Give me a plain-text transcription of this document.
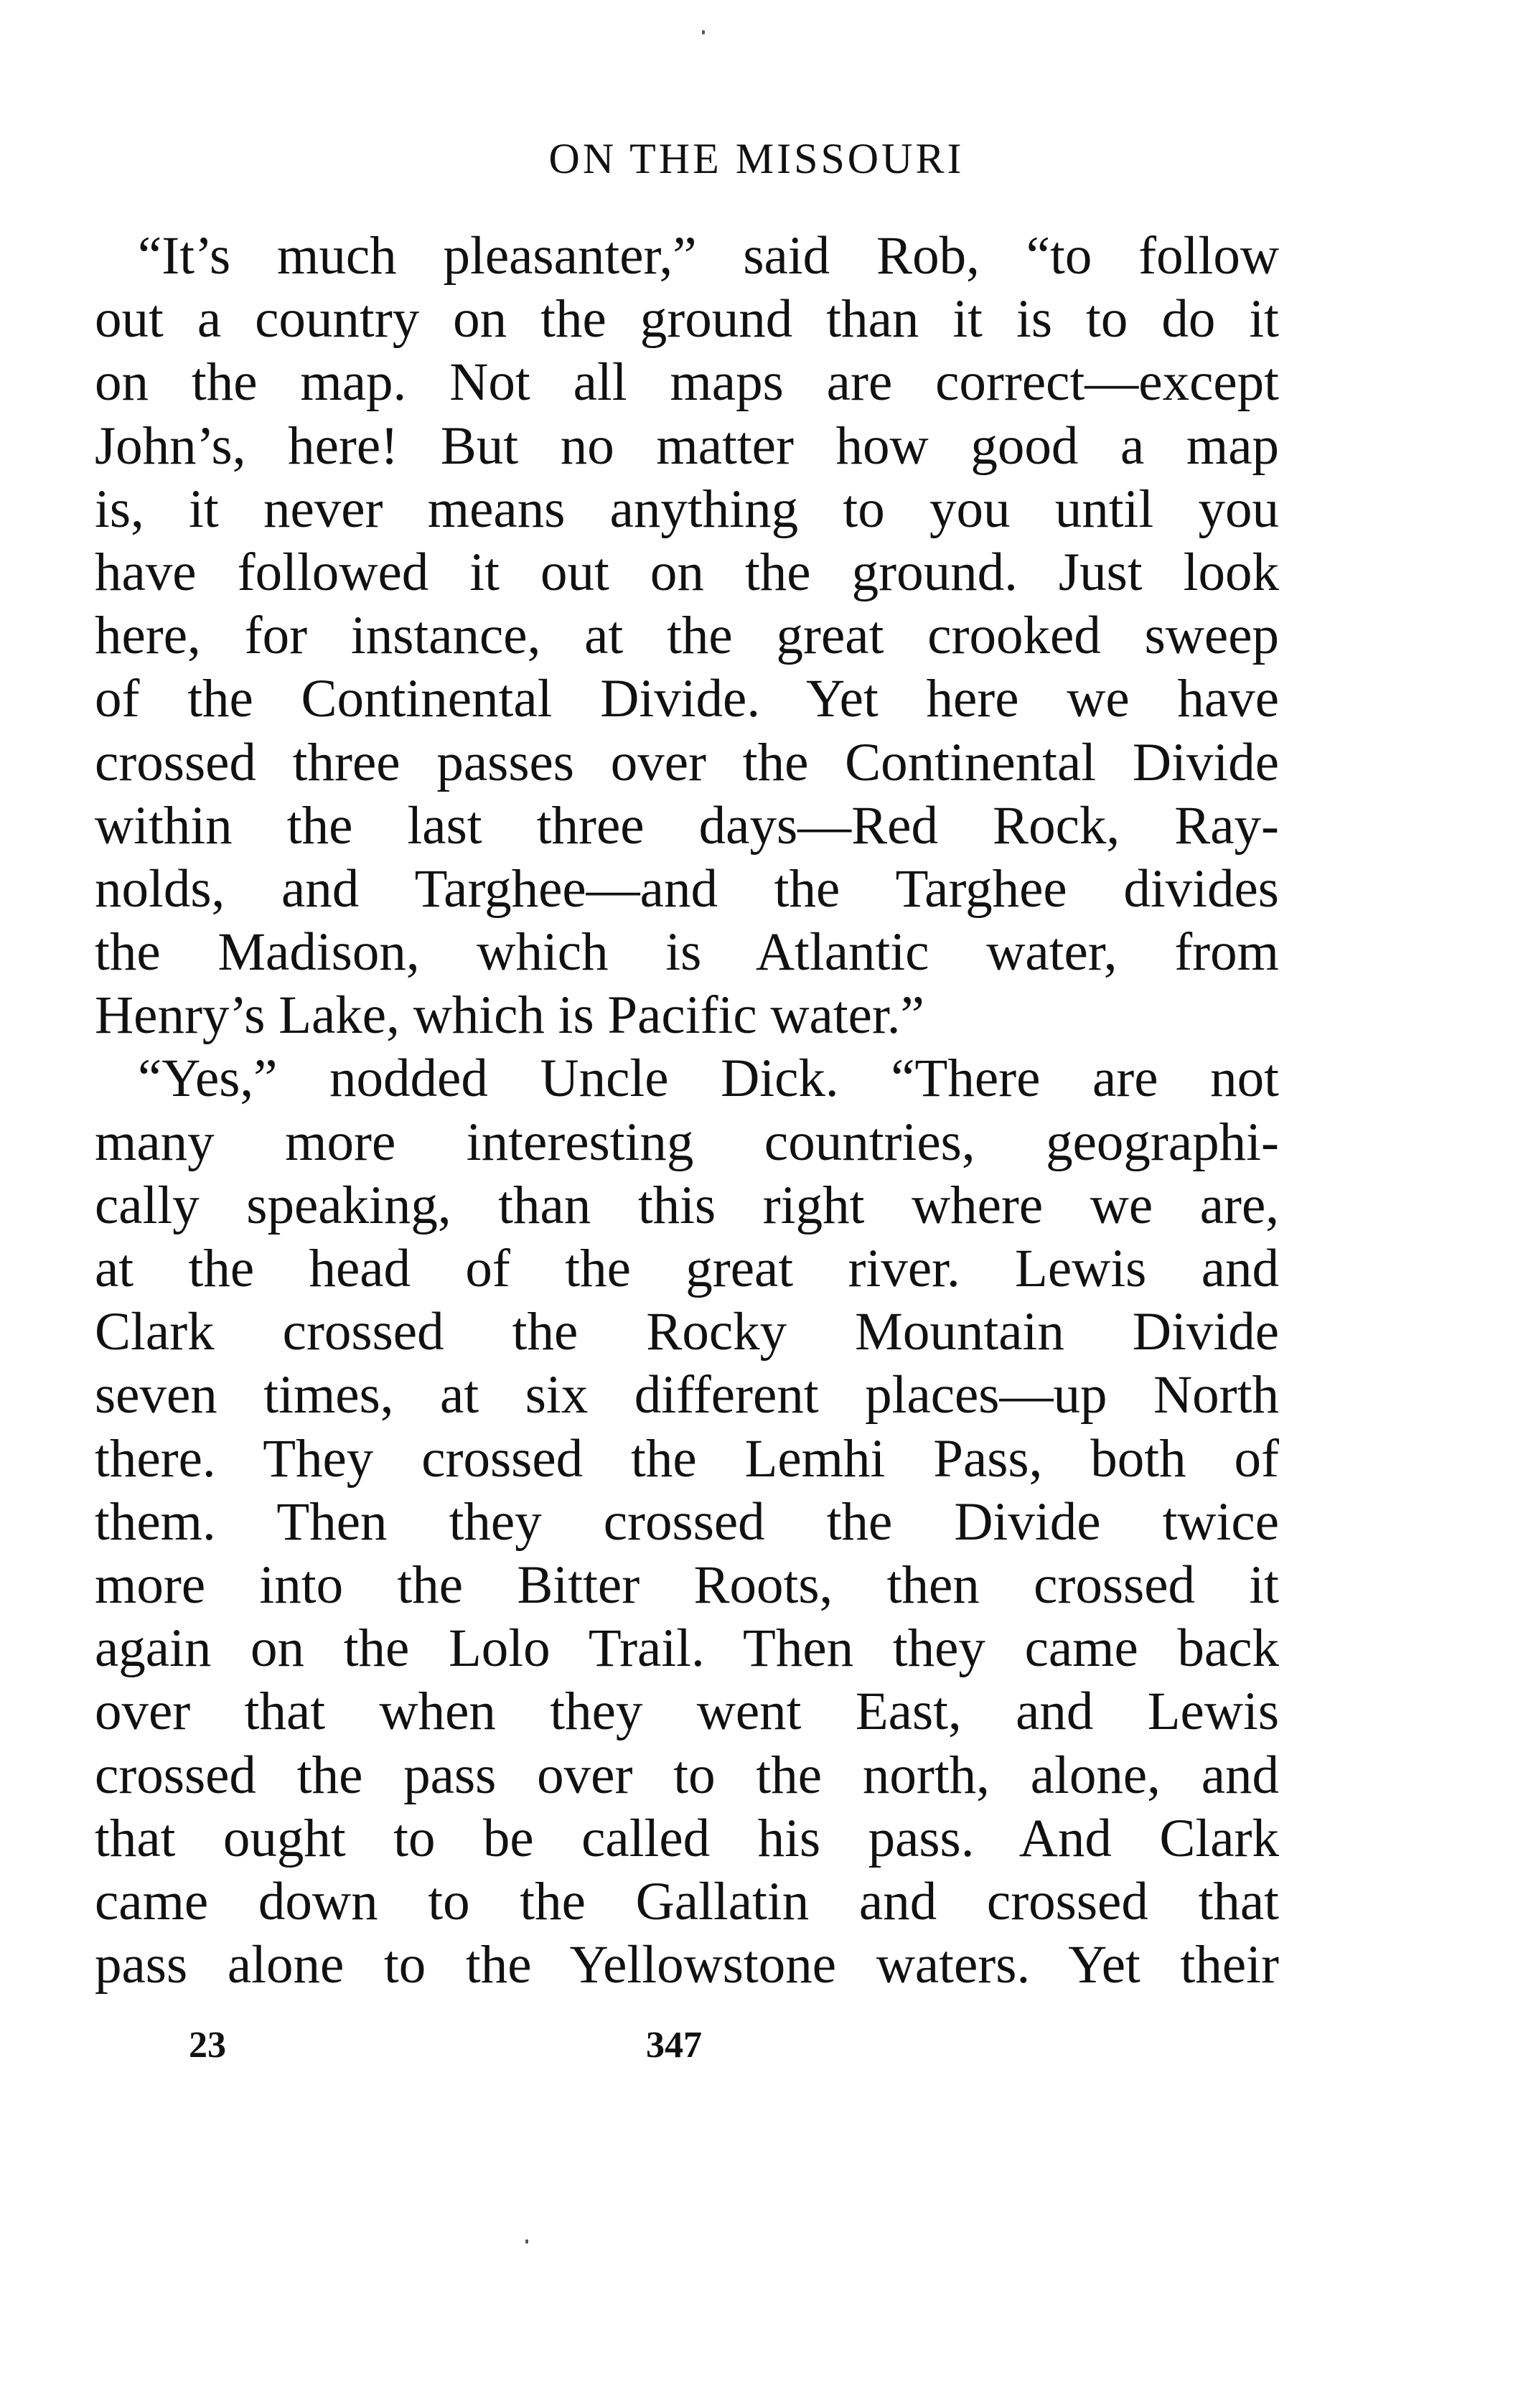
ON THE MISSOURI
“It’s much pleasanter,” said Rob, “to follow
out a country on the ground than it is to do it
on the map. Not all maps are correct—except
John’s, here! But no matter how good a map
is, it never means anything to you until you
have followed it out on the ground. Just look
here, for instance, at the great crooked sweep
of the Continental Divide. Yet here we have
crossed three passes over the Continental Divide
within the last three days—Red Rock, Ray-
nolds, and Targhee—and the Targhee divides
the Madison, which is Atlantic water, from
Henry’s Lake, which is Pacific water.”
“Yes,” nodded Uncle Dick. “There are not
many more interesting countries, geographi-
cally speaking, than this right where we are,
at the head of the great river. Lewis and
Clark crossed the Rocky Mountain Divide
seven times, at six different places—up North
there. They crossed the Lemhi Pass, both of
them. Then they crossed the Divide twice
more into the Bitter Roots, then crossed it
again on the Lolo Trail. Then they came back
over that when they went East, and Lewis
crossed the pass over to the north, alone, and
that ought to be called his pass. And Clark
came down to the Gallatin and crossed that
pass alone to the Yellowstone waters. Yet their
23	347
